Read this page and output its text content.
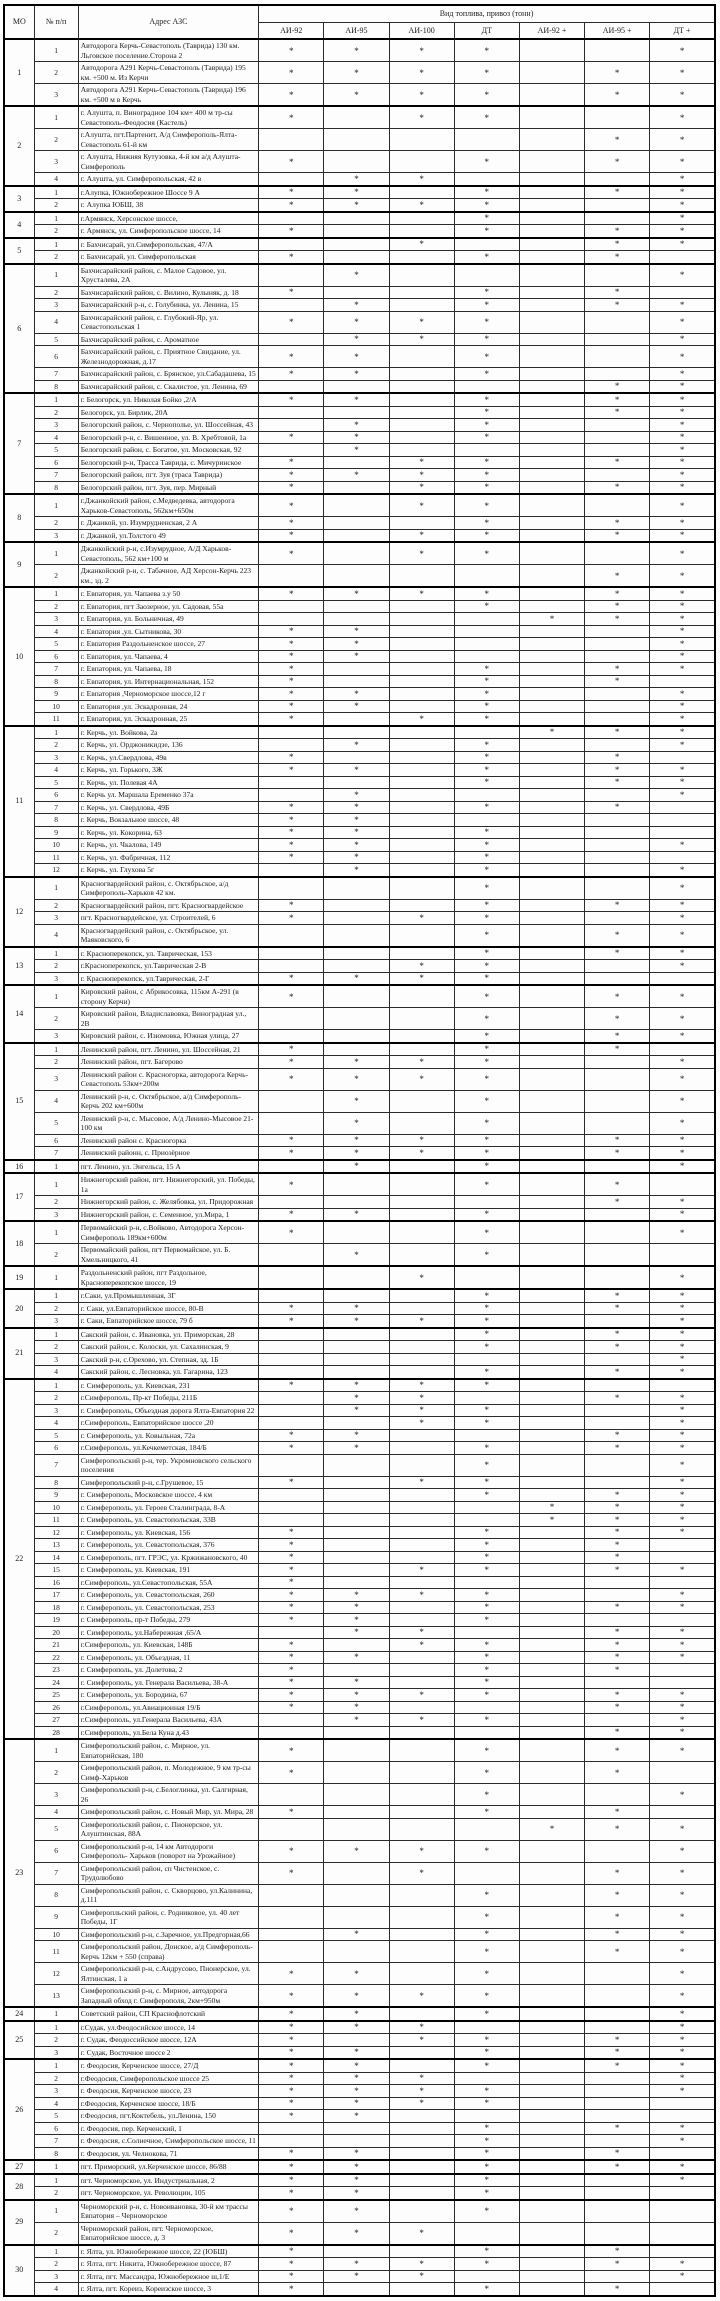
МО	№ п/п	Адрес АЗС	Вид топлива, привоз (тонн)						
			АИ-92	АИ-95	АИ-100	ДТ	АИ-92 +	АИ-95 +	ДТ +
1	1	Автодорога Керчь-Севастополь (Таврида) 130 км. Льговское поселение.Сторона 2	*	*	*	*			*
	2	Автодорога А291 Керчь-Севастополь (Таврида) 195 км. +500 м. Из Керчи	*	*	*	*		*	*
	3	Автодорога А291 Керчь-Севастополь (Таврида) 196 км. +500 м в Керчь	*	*	*	*		*	*
2	1	г. Алушта, п. Виноградное 104 км+ 400 м тр-сы Севастополь-Феодосия (Кастель)	*		*	*			*
	2	г.Алушта, пгт.Партенит, А/д Симферополь-Ялта-Севастополь 61-й км						*	*
	3	г. Алушта, Нижняя Кутузовка, 4-й км а/д Алушта- Симферополь	*			*		*	*
	4	г. Алушта, ул. Симферопольская, 42 в		*	*				*
3	1	г.Алупка, Южнобережное Шоссе 9 А	*	*		*		*	*
	2	г. Алупка ЮБШ, 38	*	*	*	*			*
4	1	г.Армянск, Херсонское шоссе,				*			*
	2	г. Армянск, ул. Симферопольское шоссе, 14	*			*		*	*
5	1	г. Бахчисарай, ул.Симферопольская, 47/А			*			*	*
	2	г. Бахчисарай, ул. Симферопольская	*			*		*	
6	1	Бахчисарайский район, с. Малое Садовое, ул. Хрусталева, 2А		*					*
	2	Бахчисарайский район, с. Вилино, Кулыняк, д. 18	*			*		*	
	3	Бахчисарайский р-н, с. Голубинка, ул. Ленина, 15		*		*		*	*
	4	Бахчисарайский район, с. Глубокий-Яр, ул. Севастопольская 1	*	*	*	*			*
	5	Бахчисарайский район, с. Ароматное		*	*	*			*
	6	Бахчисарайский район, с. Приятное Свидание, ул. Железнодорожная, д.17	*	*		*			*
	7	Бахчисарайский район, с. Брянское, ул.Сабадашева, 15	*	*		*			*
	8	Бахчисарайский район, с. Скалистое, ул. Ленина, 69						*	*
7	1	г. Белогорск, ул. Николая Бойко ,2/А	*	*		*		*	*
	2	Белогорск, ул. Бирлик, 20А				*		*	*
	3	Белогорский район, с. Чернополье, ул. Шоссейная, 43		*		*			*
	4	Белогорский р-н, с. Вишенное, ул. В. Хребтовой, 1а	*	*		*			*
	5	Белогорский район, с. Богатое, ул. Московская, 92		*					*
	6	Белогорский р-н, Трасса Таврида, с. Мичуринское	*		*	*		*	*
	7	Белогорский район, пгт. Зуя (траса Таврида)	*	*	*	*			*
	8	Белогорский район, пгт. Зуя, пер. Мирный	*		*	*		*	*
8	1	г.Джанкойский район, с.Медведевка, автодорога Харьков-Севастополь, 562км+650м	*		*	*			*
	2	г. Джанкой, ул. Изумрудненская, 2 А	*			*		*	*
	3	г. Джанкой, ул.Толстого 49	*		*	*		*	*
9	1	Джанкойский р-н, с.Изумрудное, А/Д Харьков-Севастополь, 562 км+100 м	*		*	*			*
	2	Джанкойский р-н, с. Табачное, АД Херсон-Керчь 223 км., зд. 2						*	*
10	1	г. Евпатория, ул. Чапаева з.у 50	*	*	*	*		*	*
	2	г. Евпатория, пгт Заозерное, ул. Садовая, 55а				*		*	*
	3	г. Евпатория, ул. Больничная, 49					*	*	*
	4	г. Евпатория ,ул. Сытникова, 30	*	*					*
	5	г. Евпатория Раздольненское шоссе, 27	*	*					*
	6	г. Евпатория, ул. Чапаева, 4	*	*					*
	7	г. Евпатория, ул. Чапаева, 18	*			*		*	*
	8	г. Евпатория, ул. Интернациональная, 152	*			*		*	
	9	г. Евпатория ,Черноморское шоссе,12 г	*	*		*			*
	10	г. Евпатория ,ул. Эскадронная, 24	*	*		*			*
	11	г. Евпатория, ул. Эскадронная, 25	*		*	*			*
11	1	г. Керчь, ул. Войкова, 2а					*	*	*
	2	г. Керчь, ул. Орджоникидзе, 136		*		*			*
	3	г. Керчь, ул.Свердлова, 49в	*			*		*	
	4	г. Керчь, ул. Горького, 3Ж	*	*		*		*	*
	5	г. Керчь, ул. Полевая 4А				*		*	*
	6	г. Керчь ул. Маршала Еременко 37а		*					*
	7	г. Керчь, ул. Свердлова, 49Б	*	*		*		*	
	8	г. Керчь, Вокзальное шоссе, 48	*	*					
	9	г. Керчь, ул. Кокорина, 63	*	*		*			
	10	г. Керчь, ул. Чкалова, 149	*	*		*			*
	11	г. Керчь, ул. Фабричная, 112	*	*		*			
	12	г. Керчь, ул. Глухова 5г		*		*			*
12	1	Красногвардейский район, с. Октябрьское, а/д Симферополь-Харьков 42 км.				*			*
	2	Красногвардейский район, пгт. Красногвардейское	*			*		*	*
	3	пгт. Красногвардейское, ул. Строителей, 6	*		*	*			*
	4	Красногвардейский район, с. Октябрьское, ул. Маяковского, 6				*		*	*
13	1	г. Красноперекопск, ул. Таврическая, 153				*		*	*
	2	г.Красноперекопск, ул.Таврическая 2-В			*	*			*
	3	г. Красноперекопск, ул.Таврическая, 2-Г	*	*	*	*			
14	1	Кировский район, с Абрикосовка, 115км А-291 (в сторону Керчи)	*			*		*	*
	2	Кировский район, Владиславовка, Виноградная ул., 2В				*		*	*
	3	Кировский район, с. Изюмовка, Южная улица, 27				*		*	*
15	1	Ленинский район, пгт. Ленино, ул. Шоссейная, 21	*			*		*	
	2	Ленинский район, пгт. Багерово	*	*	*	*			*
	3	Ленинский район с. Красногорка, автодорога Керчь-Севастополь 53км+200м	*	*	*	*			*
	4	Ленинский р-н, с. Октябрьское, а/д Симферополь-Керчь 202 км+600м		*		*			*
	5	Ленинский р-н, с. Мысовое, А/д Ленино-Мысовое 21-100 км		*		*			*
	6	Ленинский район с. Красногорка	*	*	*	*		*	*
	7	Ленинский районн, с. Приозёрное	*	*	*	*		*	*
16	1	пгт. Ленино, ул. Энгельса, 15 А		*		*			*
17	1	Нижнегорский район, пгт. Нижнегорский, ул. Победы, 1а	*			*		*	
	2	Нижнегорский район, с. Желябовка, ул. Придорожная						*	*
	3	Нижнегорский район, с. Семенное, ул.Мира, 1	*	*		*			*
18	1	Первомайский р-н, с.Войково, Автодорога Херсон-Симферополь 189км+600м	*			*			*
	2	Первомайский район, пгт Первомайское, ул. Б. Хмельницкого, 41		*		*			
19	1	Раздольненский район, пгт Раздольное, Красноперекопское шоссе, 19			*				*
20	1	г.Саки, ул.Промышленная, 3Г				*		*	*
	2	г. Саки, ул.Евпаторийское шоссе, 80-В	*	*		*		*	*
	3	г. Саки, Евпаторийское шоссе, 79 б	*	*	*	*			*
21	1	Сакский район, с. Ивановка, ул. Приморская, 28				*		*	*
	2	Сакский район, с. Колоски, ул. Сахалинская, 9				*		*	*
	3	Сакский р-н, с.Орехово, ул. Степная, зд. 1Б							*
	4	Сакский район, с. Лесновка, ул. Гагарина, 123				*		*	*
22	1	г. Симферополь, ул. Киевская, 231	*	*	*	*			
	2	г.Симферополь, Пр-кт Победы, 211Б		*	*			*	*
	3	г. Симферополь, Объездная дорога Ялта-Евпатория 22		*	*	*			*
	4	г.Симферополь, Евпаторийское шоссе ,20			*	*			*
	5	г. Симферополь, ул. Ковыльная, 72а	*	*				*	*
	6	г.Симферополь, ул.Кечкеметская, 184/Б	*	*		*		*	*
	7	Симферопольский р-н, тер. Укромновского сельского поселения				*			*
	8	Симферопольский р-н, с.Грушевое, 15	*		*	*			*
	9	г. Симферополь, Московское шоссе, 4 км				*		*	*
	10	г. Симферополь, ул. Героев Сталинграда, 8-А					*	*	*
	11	г. Симферополь, ул. Севастопольская, 33В					*	*	*
	12	г. Симферополь, ул. Киевская, 156	*			*		*	*
	13	г. Симферополь, ул. Севастопольская, 376	*			*		*	
	14	г. Симферополь, пгт. ГРЭС, ул. Кржижановского, 40	*			*		*	
	15	г. Симферополь, ул. Киевская, 191	*		*	*		*	*
	16	г.Симферополь, ул.Севастопольская, 55А	*						
	17	г. Симферополь, ул. Севастопольская, 260	*	*	*	*			*
	18	г. Симферополь, ул. Севастопольская, 253	*	*		*		*	*
	19	г. Симферополь, пр-т Победы, 279	*	*		*			
	20	г. Симферополь, ул.Набережная ,65/А		*	*			*	*
	21	г.Симферополь, ул. Киевская, 148Б	*		*	*		*	*
	22	г. Симферополь, ул. Объездная, 11	*	*		*		*	*
	23	г. Симферополь, ул. Долетова, 2	*			*		*	
	24	г. Симферополь, ул. Генерала Васильева, 38-А	*	*		*			
	25	г. Симферополь, ул. Бородина, 67	*	*	*	*		*	*
	26	г.Симферополь, ул.Авиационная 19/Б	*	*				*	*
	27	г.Симферополь, ул.Генерала Васильева, 43А		*	*	*			*
	28	г.Симферополь, ул.Бела Куна д.43						*	*
23	1	Симферопольский район, с. Мирное, ул. Евпаторийская, 180	*			*		*	*
	2	Симферопольский район, п. Молодежное, 9 км тр-сы Симф-Харьков	*			*		*	
	3	Симферопольский р-н, с.Белоглинка, ул. Салгирная, 26				*			*
	4	Симферопольский район, с. Новый Мир, ул. Мира, 28	*			*		*	
	5	Симферопольский район, с. Пионерское, ул. Алуштинская, 88А					*	*	*
	6	Симферопольский р-н, 14 км Автодороги Симферополь- Харьков (поворот на Урожайное)	*	*	*	*			*
	7	Симферопольский район, сп Чистенское, с. Трудолюбово	*		*			*	*
	8	Симферопольский район, с. Скворцово, ул.Калинина, д.111				*		*	*
	9	Симферопльский район, с. Родниковое, ул. 40 лет Победы, 1Г				*		*	*
	10	Симферопольский р-н, с.Заречное, ул.Предгорная,66		*		*		*	*
	11	Симферопольский район, Донское, а/д Симферополь-Керчь 12км + 550 (справа)				*		*	*
	12	Симферопольский р-н, с.Андрусово, Пионерское, ул. Ялтинская, 1 а	*	*		*			*
	13	Симферопольский р-н, с. Мирное, автодорога Западный обход г. Симферополя, 2км+950м	*	*	*	*			*
24	1	Советский район, СП Краснофлотский	*	*		*			*
25	1	г.Судак, ул.Феодосийское шоссе, 14	*	*	*				*
	2	г. Судак, Феодоссийское шоссе, 12А	*		*	*		*	*
	3	г. Судак, Восточное шоссе 2	*	*		*		*	*
26	1	г. Феодосия, Керченское шоссе, 27/Д	*	*		*		*	*
	2	г.Феодосия, Симферопольское шоссе 25	*	*	*				*
	3	г. Феодосия, Керченское шоссе, 23	*	*	*	*			*
	4	г.Феодосия, Керченское шоссе, 18/Б	*	*	*	*			
	5	г.Феодосия, пгт.Коктебель, ул.Ленина, 150	*	*					
	6	г. Феодосия, пер. Керченский, 1				*		*	*
	7	г. Феодосия, с.Солнечное, Симферопольское шоссе, 11				*			*
	8	г. Феодосия, ул. Челнокова, 71	*	*		*		*	
27	1	пгт. Приморский, ул.Керченское шоссе, 86/88	*	*		*		*	*
28	1	пгт. Черноморское, ул. Индустриальная, 2	*	*		*			*
	2	пгт. Черноморское, ул. Революции, 105	*	*		*			
29	1	Черноморский р-н, с. Новоивановка, 30-й км трассы Евпатория – Черноморское	*	*		*			
	2	Черноморский район, пгт. Черноморское, Евпаторийское шоссе, д. 3	*	*	*				
30	1	г. Ялта, ул. Южнобережное шоссе, 22 (ЮБШ)	*			*		*	
	2	г. Ялта, пгт. Никита, Южнобережное шоссе, 87	*	*	*	*		*	*
	3	г. Ялта, пгт. Массандра, Южнобережное ш,1/Е	*	*	*				*
	4	г. Ялта, пгт. Кореиз, Кореизское шоссе, 3	*			*		*	
